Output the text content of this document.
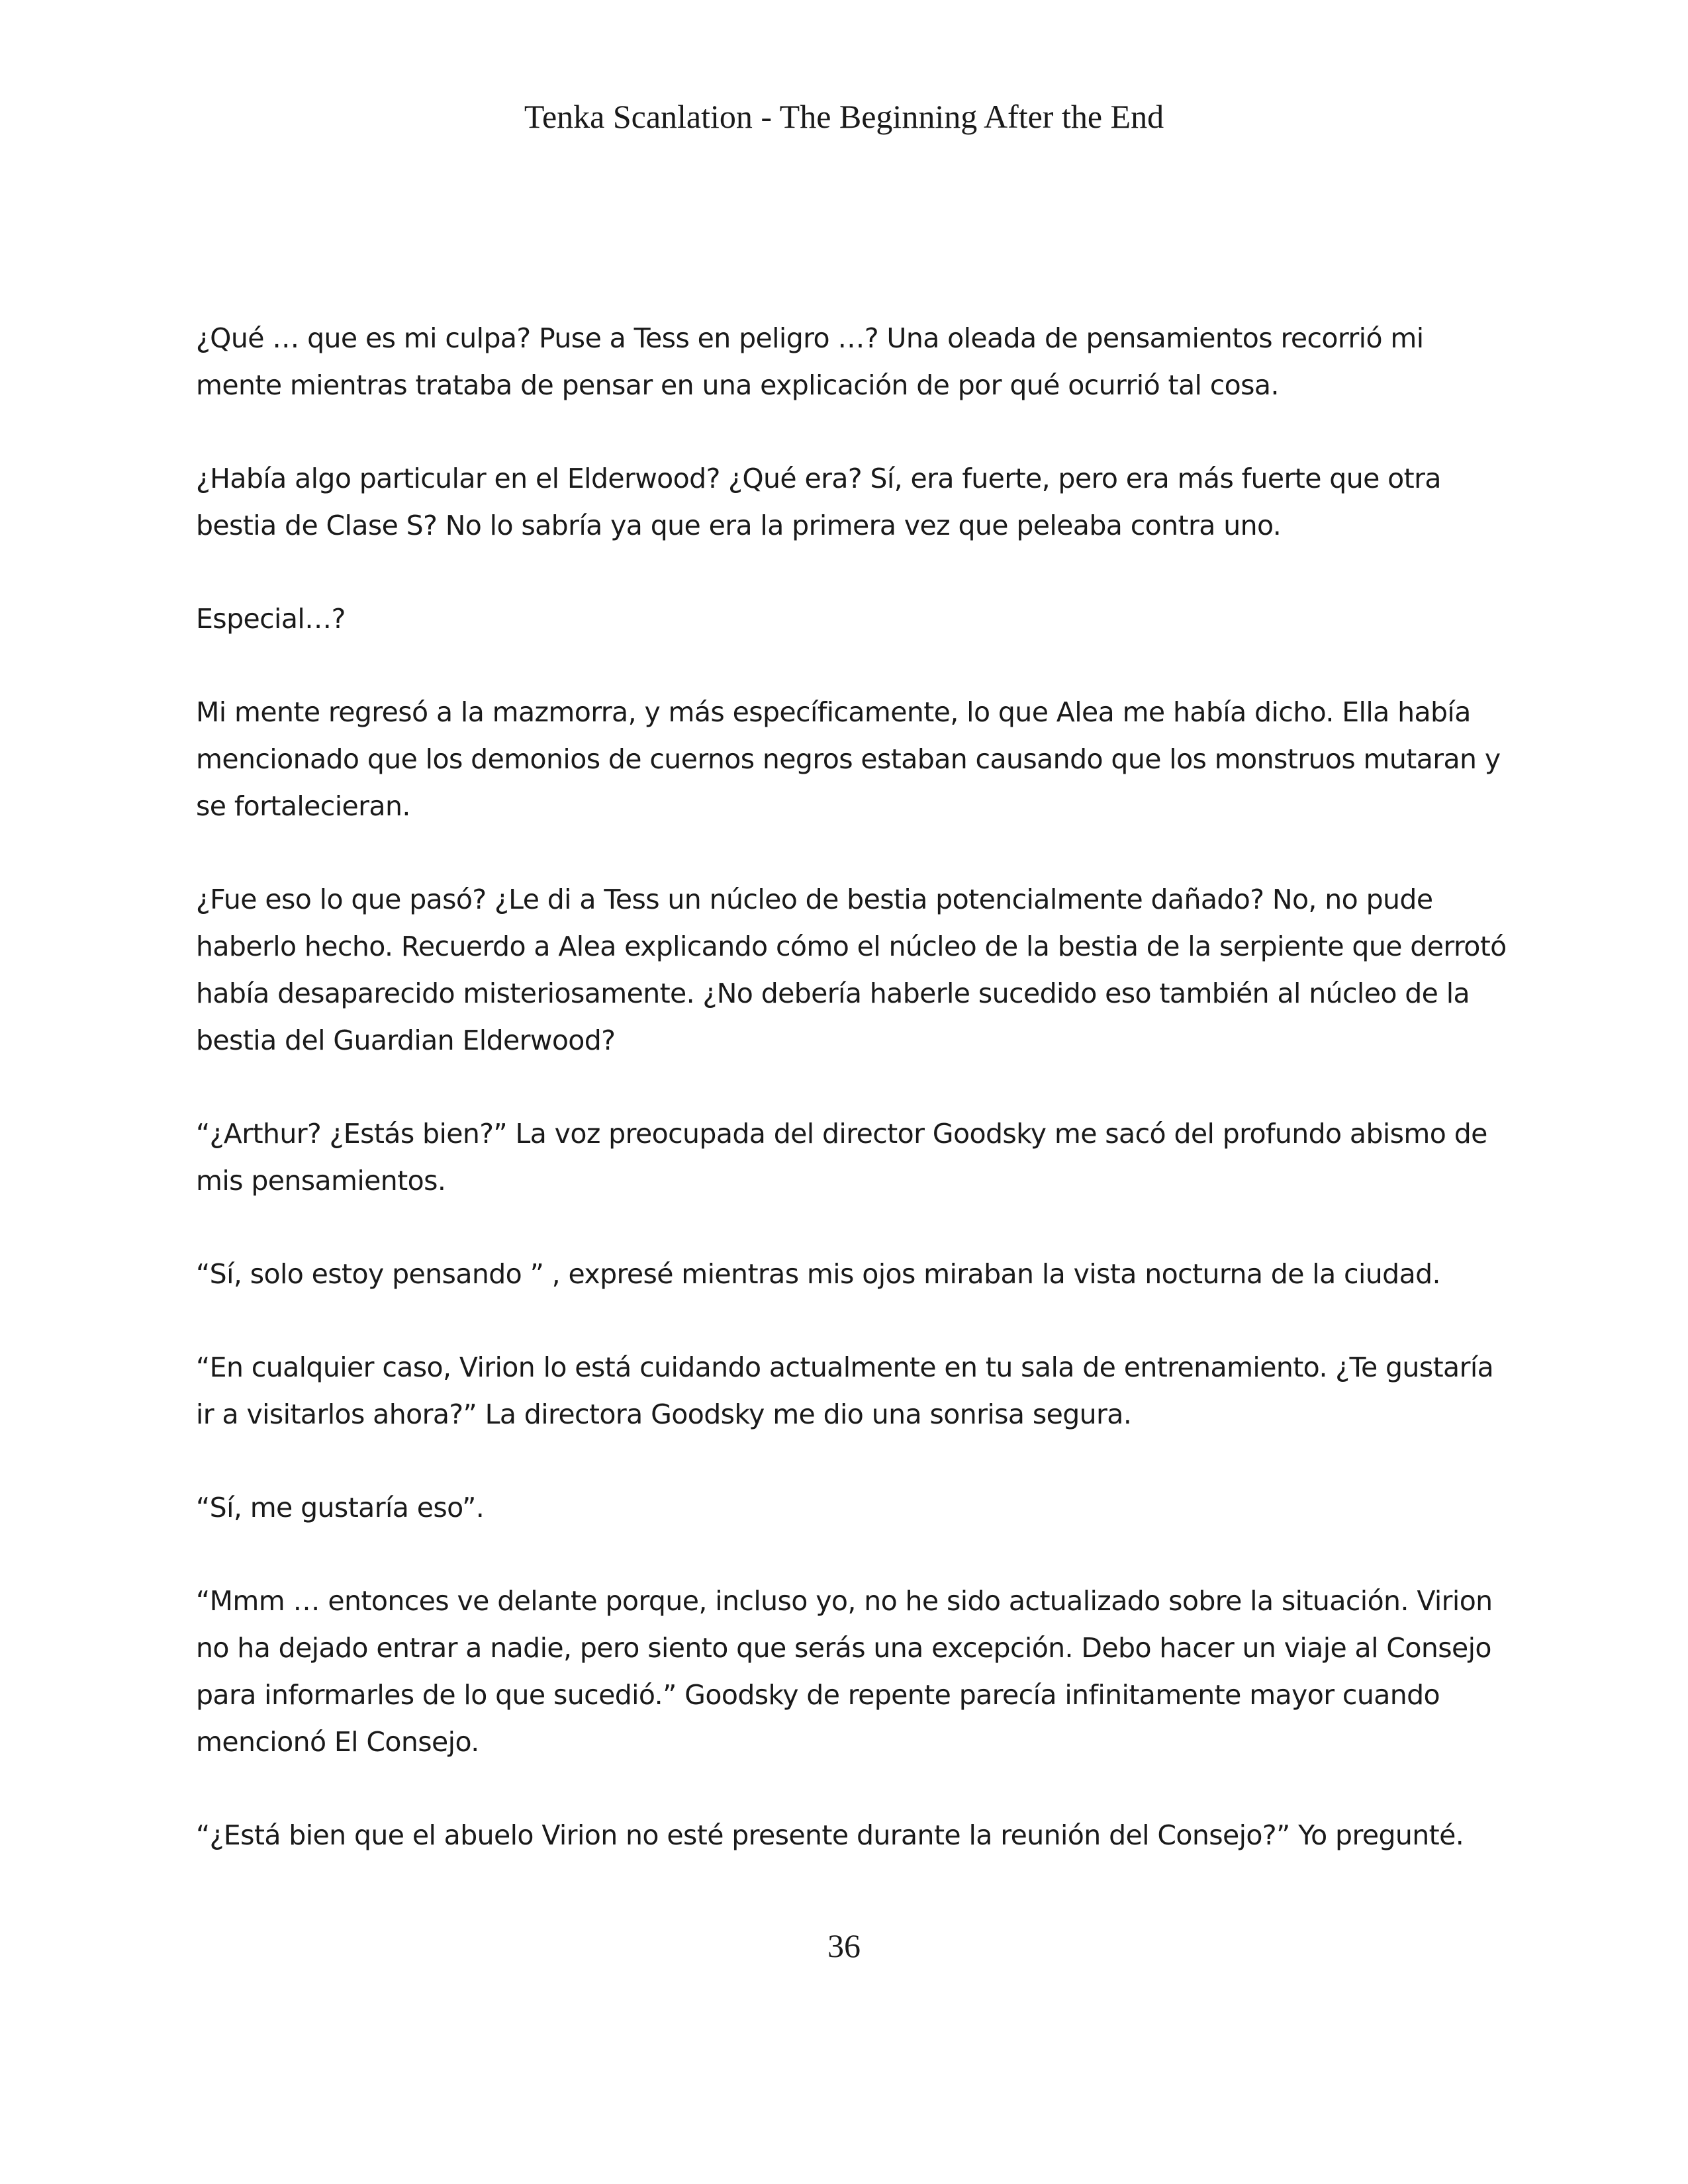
Tenka Scanlation - The Beginning After the End

¿Qué … que es mi culpa? Puse a Tess en peligro …? Una oleada de pensamientos recorrió mi mente mientras trataba de pensar en una explicación de por qué ocurrió tal cosa.

¿Había algo particular en el Elderwood? ¿Qué era? Sí, era fuerte, pero era más fuerte que otra bestia de Clase S? No lo sabría ya que era la primera vez que peleaba contra uno.

Especial…?

Mi mente regresó a la mazmorra, y más específicamente, lo que Alea me había dicho. Ella había mencionado que los demonios de cuernos negros estaban causando que los monstruos mutaran y se fortalecieran.

¿Fue eso lo que pasó? ¿Le di a Tess un núcleo de bestia potencialmente dañado? No, no pude haberlo hecho. Recuerdo a Alea explicando cómo el núcleo de la bestia de la serpiente que derrotó había desaparecido misteriosamente. ¿No debería haberle sucedido eso también al núcleo de la bestia del Guardian Elderwood?

“¿Arthur? ¿Estás bien?” La voz preocupada del director Goodsky me sacó del profundo abismo de mis pensamientos.

“Sí, solo estoy pensando ” , expresé mientras mis ojos miraban la vista nocturna de la ciudad.

“En cualquier caso, Virion lo está cuidando actualmente en tu sala de entrenamiento. ¿Te gustaría ir a visitarlos ahora?” La directora Goodsky me dio una sonrisa segura.

“Sí, me gustaría eso”.

“Mmm … entonces ve delante porque, incluso yo, no he sido actualizado sobre la situación. Virion no ha dejado entrar a nadie, pero siento que serás una excepción. Debo hacer un viaje al Consejo para informarles de lo que sucedió.” Goodsky de repente parecía infinitamente mayor cuando mencionó El Consejo.

“¿Está bien que el abuelo Virion no esté presente durante la reunión del Consejo?” Yo pregunté.

36
